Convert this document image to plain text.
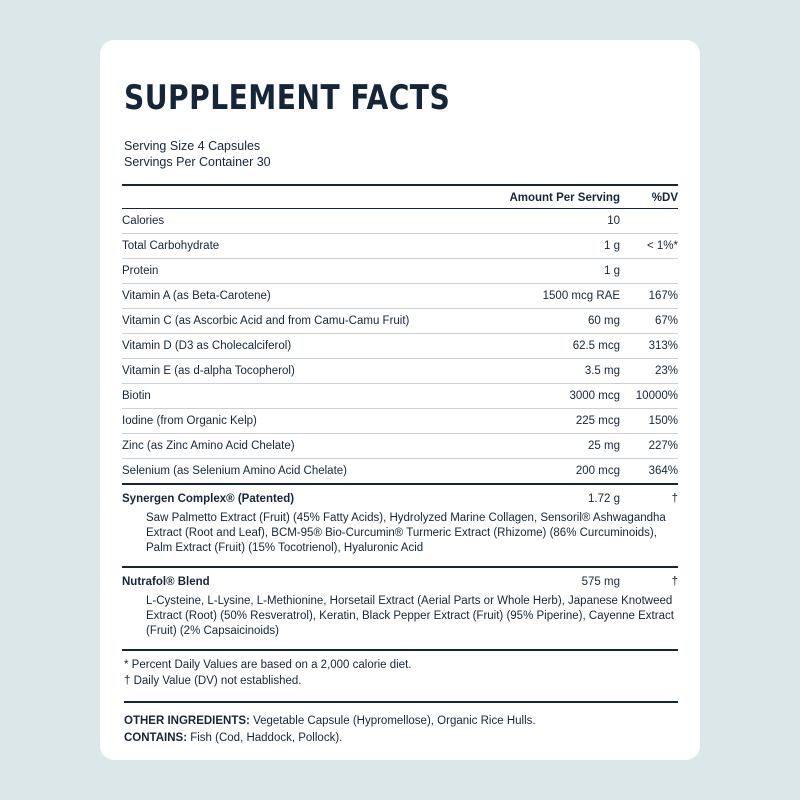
SUPPLEMENT FACTS
Serving Size 4 Capsules
Servings Per Container 30
	Amount Per Serving	%DV
Calories	10	
Total Carbohydrate	1 g	< 1%*
Protein	1 g	
Vitamin A (as Beta-Carotene)	1500 mcg RAE	167%
Vitamin C (as Ascorbic Acid and from Camu-Camu Fruit)	60 mg	67%
Vitamin D (D3 as Cholecalciferol)	62.5 mcg	313%
Vitamin E (as d-alpha Tocopherol)	3.5 mg	23%
Biotin	3000 mcg	10000%
Iodine (from Organic Kelp)	225 mcg	150%
Zinc (as Zinc Amino Acid Chelate)	25 mg	227%
Selenium (as Selenium Amino Acid Chelate)	200 mcg	364%
Synergen Complex® (Patented)	1.72 g	†
Saw Palmetto Extract (Fruit) (45% Fatty Acids), Hydrolyzed Marine Collagen, Sensoril® Ashwagandha Extract (Root and Leaf), BCM-95® Bio-Curcumin® Turmeric Extract (Rhizome) (86% Curcuminoids), Palm Extract (Fruit) (15% Tocotrienol), Hyaluronic Acid		
Nutrafol® Blend	575 mg	†
L-Cysteine, L-Lysine, L-Methionine, Horsetail Extract (Aerial Parts or Whole Herb), Japanese Knotweed Extract (Root) (50% Resveratrol), Keratin, Black Pepper Extract (Fruit) (95% Piperine), Cayenne Extract (Fruit) (2% Capsaicinoids)		
* Percent Daily Values are based on a 2,000 calorie diet.
† Daily Value (DV) not established.
OTHER INGREDIENTS: Vegetable Capsule (Hypromellose), Organic Rice Hulls.
CONTAINS: Fish (Cod, Haddock, Pollock).
